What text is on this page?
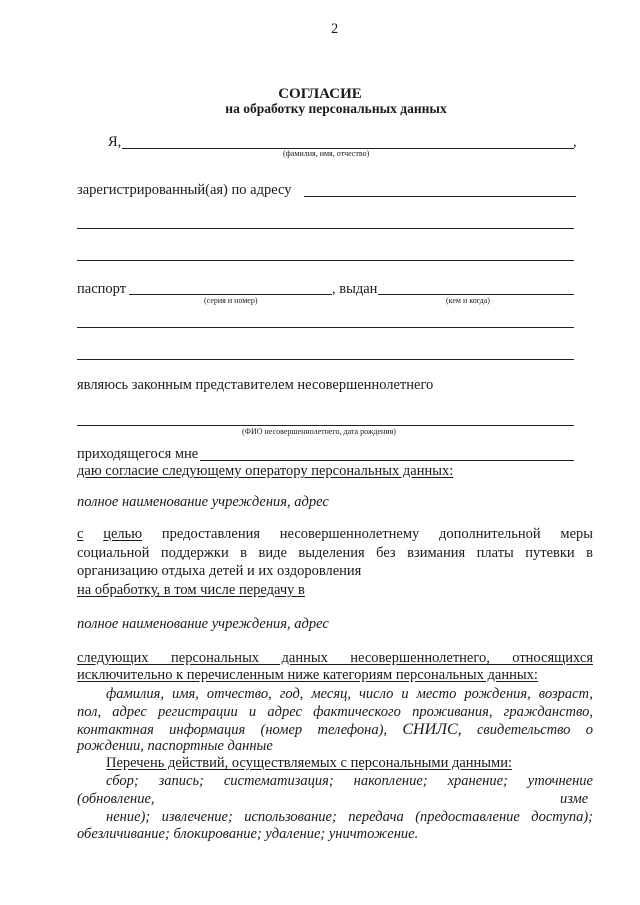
2
СОГЛАСИЕ
на обработку персональных данных
Я,	,
(фамилия, имя, отчество)
зарегистрированный(ая) по адресу
паспорт	, выдан
(серия и номер)	(кем и когда)
являюсь законным представителем несовершеннолетнего
(ФИО несовершеннолетнего, дата рождения)
приходящегося мне
даю согласие следующему оператору персональных данных:
полное наименование учреждения, адрес
с целью предоставления несовершеннолетнему дополнительной меры
социальной поддержки в виде выделения без взимания платы путевки в
организацию отдыха детей и их оздоровления
на обработку, в том числе передачу в
полное наименование учреждения, адрес
следующих персональных данных несовершеннолетнего, относящихся
исключительно к перечисленным ниже категориям персональных данных:
фамилия, имя, отчество, год, месяц, число и место рождения, возраст,
пол, адрес регистрации и адрес фактического проживания, гражданство,
контактная информация (номер телефона), СНИЛС, свидетельство о
рождении, паспортные данные
Перечень действий, осуществляемых с персональными данными:
сбор; запись; систематизация; накопление; хранение; уточнение
(обновление,	изме
нение); извлечение; использование; передача (предоставление доступа);
обезличивание; блокирование; удаление; уничтожение.
